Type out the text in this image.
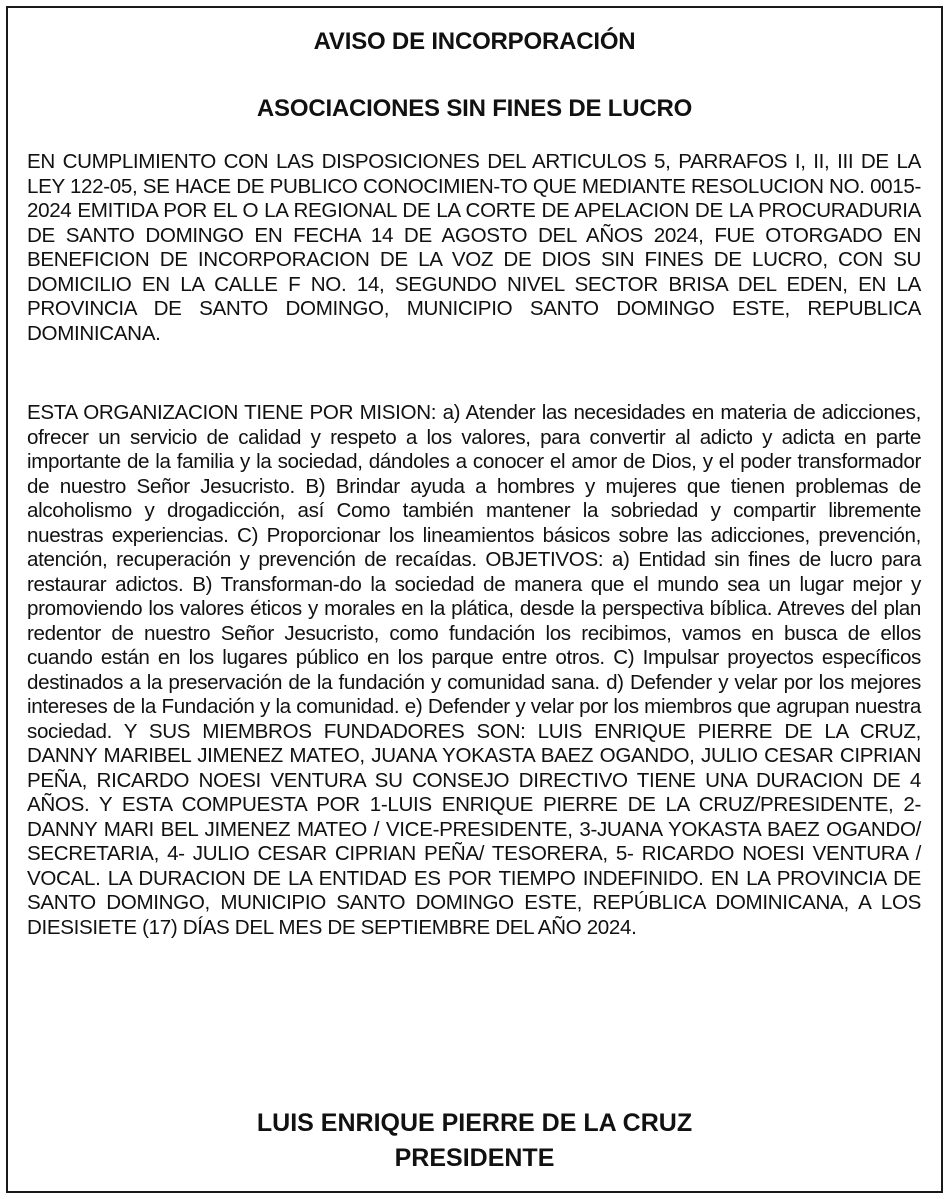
AVISO DE INCORPORACIÓN
ASOCIACIONES SIN FINES DE LUCRO

EN CUMPLIMIENTO CON LAS DISPOSICIONES DEL ARTICULOS 5, PARRAFOS I, II, III DE LA LEY 122-05, SE HACE DE PUBLICO CONOCIMIEN-TO QUE MEDIANTE RESOLUCION NO. 0015-2024 EMITIDA POR EL O LA REGIONAL DE LA CORTE DE APELACION DE LA PROCURADURIA DE SANTO DOMINGO EN FECHA 14 DE AGOSTO DEL AÑOS 2024, FUE OTORGADO EN BENEFICION DE INCORPORACION DE LA VOZ DE DIOS SIN FINES DE LUCRO, CON SU DOMICILIO EN LA CALLE F NO. 14, SEGUNDO NIVEL SECTOR BRISA DEL EDEN, EN LA PROVINCIA DE SANTO DOMINGO, MUNICIPIO SANTO DOMINGO ESTE, REPUBLICA DOMINICANA.

ESTA ORGANIZACION TIENE POR MISION: a) Atender las necesidades en materia de adicciones, ofrecer un servicio de calidad y respeto a los valores, para convertir al adicto y adicta en parte importante de la familia y la sociedad, dándoles a conocer el amor de Dios, y el poder transformador de nuestro Señor Jesucristo. B) Brindar ayuda a hombres y mujeres que tienen problemas de alcoholismo y drogadicción, así Como también mantener la sobriedad y compartir libremente nuestras experiencias. C) Proporcionar los lineamientos básicos sobre las adicciones, prevención, atención, recuperación y prevención de recaídas. OBJETIVOS: a) Entidad sin fines de lucro para restaurar adictos. B) Transforman-do la sociedad de manera que el mundo sea un lugar mejor y promoviendo los valores éticos y morales en la plática, desde la perspectiva bíblica. Atreves del plan redentor de nuestro Señor Jesucristo, como fundación los recibimos, vamos en busca de ellos cuando están en los lugares público en los parque entre otros. C) Impulsar proyectos específicos destinados a la preservación de la fundación y comunidad sana. d) Defender y velar por los mejores intereses de la Fundación y la comunidad. e) Defender y velar por los miembros que agrupan nuestra sociedad. Y SUS MIEMBROS FUNDADORES SON: LUIS ENRIQUE PIERRE DE LA CRUZ, DANNY MARIBEL JIMENEZ MATEO, JUANA YOKASTA BAEZ OGANDO, JULIO CESAR CIPRIAN PEÑA, RICARDO NOESI VENTURA SU CONSEJO DIRECTIVO TIENE UNA DURACION DE 4 AÑOS. Y ESTA COMPUESTA POR 1-LUIS ENRIQUE PIERRE DE LA CRUZ/PRESIDENTE, 2-DANNY MARI BEL JIMENEZ MATEO / VICE-PRESIDENTE, 3-JUANA YOKASTA BAEZ OGANDO/ SECRETARIA, 4- JULIO CESAR CIPRIAN PEÑA/ TESORERA, 5- RICARDO NOESI VENTURA / VOCAL. LA DURACION DE LA ENTIDAD ES POR TIEMPO INDEFINIDO. EN LA PROVINCIA DE SANTO DOMINGO, MUNICIPIO SANTO DOMINGO ESTE, REPÚBLICA DOMINICANA, A LOS DIESISIETE (17) DÍAS DEL MES DE SEPTIEMBRE DEL AÑO 2024.

LUIS ENRIQUE PIERRE DE LA CRUZ
PRESIDENTE
